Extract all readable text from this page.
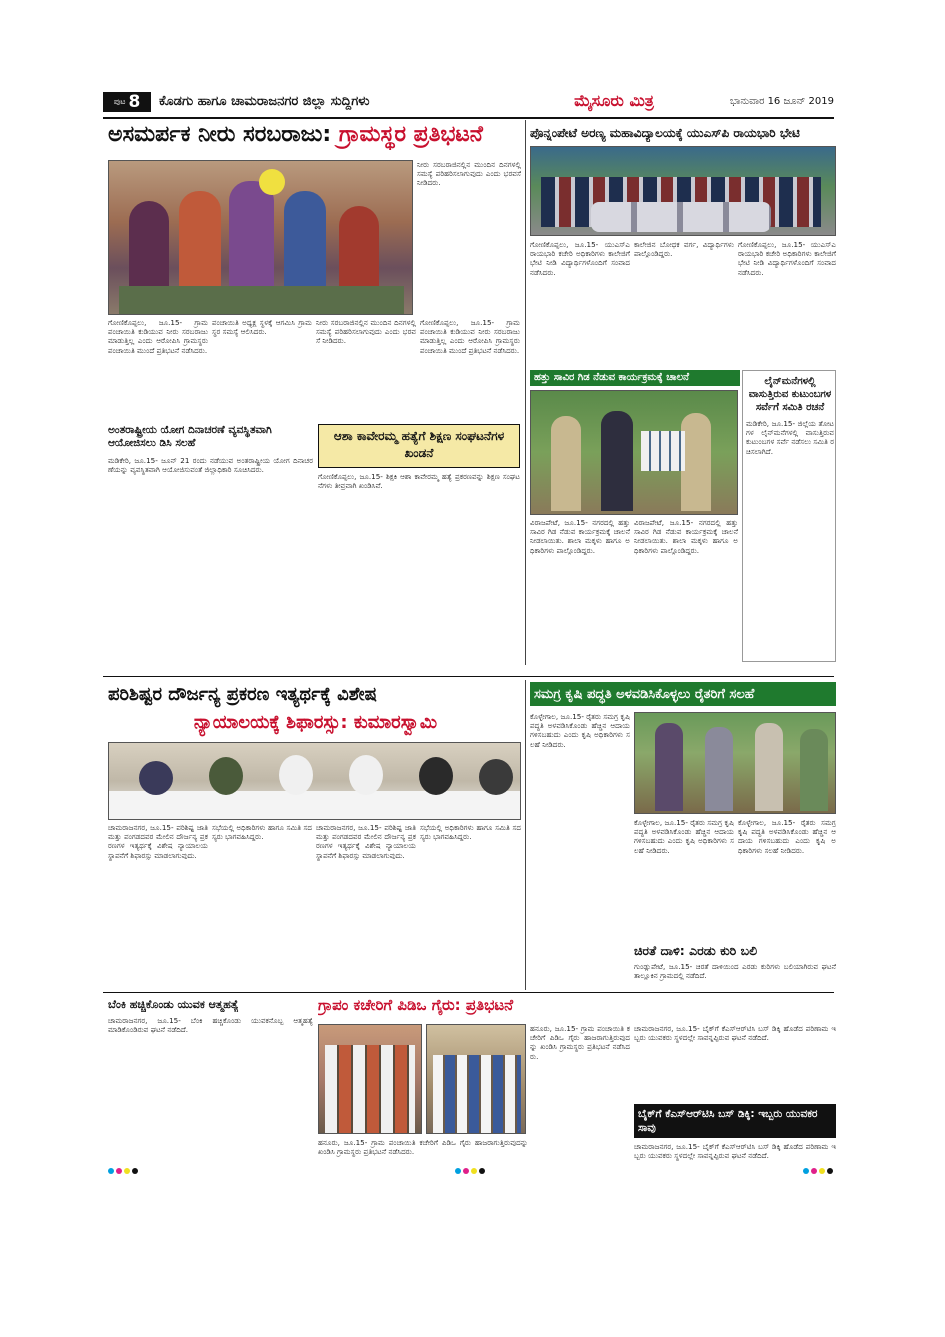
ಪುಟ 8 ಕೊಡಗು ಹಾಗೂ ಚಾಮರಾಜನಗರ ಜಿಲ್ಲಾ ಸುದ್ದಿಗಳು	ಮೈಸೂರು ಮಿತ್ರ	ಭಾನುವಾರ 16 ಜೂನ್ 2019
ಅಸಮರ್ಪಕ ನೀರು ಸರಬರಾಜು: ಗ್ರಾಮಸ್ಥರ ಪ್ರತಿಭಟನೆ
ನೀರು ಸರಬರಾಜಿನಲ್ಲಿನ ಮುಂದಿನ ದಿನಗಳಲ್ಲಿ ಸಮಸ್ಯೆ ಪರಿಹರಿಸಲಾಗುವುದು ಎಂದು ಭರವಸೆ ನೀಡಿದರು.
ಗೋಣಿಕೊಪ್ಪಲು, ಜೂ.15- ಗ್ರಾಮ ಪಂಚಾಯಿತಿ ಕುಡಿಯುವ ನೀರು ಸರಬರಾಜು ಮಾಡುತ್ತಿಲ್ಲ ಎಂದು ಆರೋಪಿಸಿ ಗ್ರಾಮಸ್ಥರು ಪಂಚಾಯಿತಿ ಮುಂದೆ ಪ್ರತಿಭಟನೆ ನಡೆಸಿದರು.
ಪಂಚಾಯಿತಿ ಅಧ್ಯಕ್ಷ ಸ್ಥಳಕ್ಕೆ ಆಗಮಿಸಿ ಗ್ರಾಮಸ್ಥರ ಸಮಸ್ಯೆ ಆಲಿಸಿದರು.
ನೀರು ಸರಬರಾಜಿನಲ್ಲಿನ ಮುಂದಿನ ದಿನಗಳಲ್ಲಿ ಸಮಸ್ಯೆ ಪರಿಹರಿಸಲಾಗುವುದು ಎಂದು ಭರವಸೆ ನೀಡಿದರು.
ಗೋಣಿಕೊಪ್ಪಲು, ಜೂ.15- ಗ್ರಾಮ ಪಂಚಾಯಿತಿ ಕುಡಿಯುವ ನೀರು ಸರಬರಾಜು ಮಾಡುತ್ತಿಲ್ಲ ಎಂದು ಆರೋಪಿಸಿ ಗ್ರಾಮಸ್ಥರು ಪಂಚಾಯಿತಿ ಮುಂದೆ ಪ್ರತಿಭಟನೆ ನಡೆಸಿದರು.
ಪೊನ್ನಂಪೇಟೆ ಅರಣ್ಯ ಮಹಾವಿದ್ಯಾಲಯಕ್ಕೆ ಯುಎಸ್‌ಪಿ ರಾಯಭಾರಿ ಭೇಟಿ
ಗೋಣಿಕೊಪ್ಪಲು, ಜೂ.15- ಯುಎಸ್‌ಎ ರಾಯಭಾರಿ ಕಚೇರಿ ಅಧಿಕಾರಿಗಳು ಕಾಲೇಜಿಗೆ ಭೇಟಿ ನೀಡಿ ವಿದ್ಯಾರ್ಥಿಗಳೊಂದಿಗೆ ಸಂವಾದ ನಡೆಸಿದರು.
ಕಾಲೇಜಿನ ಬೋಧಕ ವರ್ಗ, ವಿದ್ಯಾರ್ಥಿಗಳು ಪಾಲ್ಗೊಂಡಿದ್ದರು.
ಗೋಣಿಕೊಪ್ಪಲು, ಜೂ.15- ಯುಎಸ್‌ಎ ರಾಯಭಾರಿ ಕಚೇರಿ ಅಧಿಕಾರಿಗಳು ಕಾಲೇಜಿಗೆ ಭೇಟಿ ನೀಡಿ ವಿದ್ಯಾರ್ಥಿಗಳೊಂದಿಗೆ ಸಂವಾದ ನಡೆಸಿದರು.
ಹತ್ತು ಸಾವಿರ ಗಿಡ ನೆಡುವ ಕಾರ್ಯಕ್ರಮಕ್ಕೆ ಚಾಲನೆ
ವಿರಾಜಪೇಟೆ, ಜೂ.15- ನಗರದಲ್ಲಿ ಹತ್ತು ಸಾವಿರ ಗಿಡ ನೆಡುವ ಕಾರ್ಯಕ್ರಮಕ್ಕೆ ಚಾಲನೆ ನೀಡಲಾಯಿತು. ಶಾಲಾ ಮಕ್ಕಳು ಹಾಗೂ ಅಧಿಕಾರಿಗಳು ಪಾಲ್ಗೊಂಡಿದ್ದರು.
ವಿರಾಜಪೇಟೆ, ಜೂ.15- ನಗರದಲ್ಲಿ ಹತ್ತು ಸಾವಿರ ಗಿಡ ನೆಡುವ ಕಾರ್ಯಕ್ರಮಕ್ಕೆ ಚಾಲನೆ ನೀಡಲಾಯಿತು. ಶಾಲಾ ಮಕ್ಕಳು ಹಾಗೂ ಅಧಿಕಾರಿಗಳು ಪಾಲ್ಗೊಂಡಿದ್ದರು.
ಲೈನ್‌ಮನೆಗಳಲ್ಲಿ ವಾಸುತ್ತಿರುವ ಕುಟುಂಬಗಳ ಸರ್ವೆಗೆ ಸಮಿತಿ ರಚನೆ
ಮಡಿಕೇರಿ, ಜೂ.15- ಜಿಲ್ಲೆಯ ತೋಟಗಳ ಲೈನ್‌ಮನೆಗಳಲ್ಲಿ ವಾಸುತ್ತಿರುವ ಕುಟುಂಬಗಳ ಸರ್ವೆ ನಡೆಸಲು ಸಮಿತಿ ರಚಿಸಲಾಗಿದೆ.
ಅಂತರಾಷ್ಟ್ರೀಯ ಯೋಗ ದಿನಾಚರಣೆ ವ್ಯವಸ್ಥಿತವಾಗಿ ಆಯೋಜಿಸಲು ಡಿಸಿ ಸಲಹೆ
ಮಡಿಕೇರಿ, ಜೂ.15- ಜೂನ್ 21 ರಂದು ನಡೆಯುವ ಅಂತರಾಷ್ಟ್ರೀಯ ಯೋಗ ದಿನಾಚರಣೆಯನ್ನು ವ್ಯವಸ್ಥಿತವಾಗಿ ಆಯೋಜಿಸುವಂತೆ ಜಿಲ್ಲಾಧಿಕಾರಿ ಸೂಚಿಸಿದರು.
ಆಶಾ ಕಾವೇರಮ್ಮ ಹತ್ಯೆಗೆ ಶಿಕ್ಷಣ ಸಂಘಟನೆಗಳ ಖಂಡನೆ
ಗೋಣಿಕೊಪ್ಪಲು, ಜೂ.15- ಶಿಕ್ಷಕಿ ಆಶಾ ಕಾವೇರಮ್ಮ ಹತ್ಯೆ ಪ್ರಕರಣವನ್ನು ಶಿಕ್ಷಣ ಸಂಘಟನೆಗಳು ತೀವ್ರವಾಗಿ ಖಂಡಿಸಿವೆ.
ಪರಿಶಿಷ್ಟರ ದೌರ್ಜನ್ಯ ಪ್ರಕರಣ ಇತ್ಯರ್ಥಕ್ಕೆ ವಿಶೇಷ
ನ್ಯಾಯಾಲಯಕ್ಕೆ ಶಿಫಾರಸ್ಸು: ಕುಮಾರಸ್ವಾಮಿ
ಚಾಮರಾಜನಗರ, ಜೂ.15- ಪರಿಶಿಷ್ಟ ಜಾತಿ ಮತ್ತು ಪಂಗಡದವರ ಮೇಲಿನ ದೌರ್ಜನ್ಯ ಪ್ರಕರಣಗಳ ಇತ್ಯರ್ಥಕ್ಕೆ ವಿಶೇಷ ನ್ಯಾಯಾಲಯ ಸ್ಥಾಪನೆಗೆ ಶಿಫಾರಸ್ಸು ಮಾಡಲಾಗುವುದು.
ಸಭೆಯಲ್ಲಿ ಅಧಿಕಾರಿಗಳು ಹಾಗೂ ಸಮಿತಿ ಸದಸ್ಯರು ಭಾಗವಹಿಸಿದ್ದರು.
ಚಾಮರಾಜನಗರ, ಜೂ.15- ಪರಿಶಿಷ್ಟ ಜಾತಿ ಮತ್ತು ಪಂಗಡದವರ ಮೇಲಿನ ದೌರ್ಜನ್ಯ ಪ್ರಕರಣಗಳ ಇತ್ಯರ್ಥಕ್ಕೆ ವಿಶೇಷ ನ್ಯಾಯಾಲಯ ಸ್ಥಾಪನೆಗೆ ಶಿಫಾರಸ್ಸು ಮಾಡಲಾಗುವುದು.
ಸಭೆಯಲ್ಲಿ ಅಧಿಕಾರಿಗಳು ಹಾಗೂ ಸಮಿತಿ ಸದಸ್ಯರು ಭಾಗವಹಿಸಿದ್ದರು.
ಸಮಗ್ರ ಕೃಷಿ ಪದ್ಧತಿ ಅಳವಡಿಸಿಕೊಳ್ಳಲು ರೈತರಿಗೆ ಸಲಹೆ
ಕೊಳ್ಳೇಗಾಲ, ಜೂ.15- ರೈತರು ಸಮಗ್ರ ಕೃಷಿ ಪದ್ಧತಿ ಅಳವಡಿಸಿಕೊಂಡು ಹೆಚ್ಚಿನ ಆದಾಯ ಗಳಿಸಬಹುದು ಎಂದು ಕೃಷಿ ಅಧಿಕಾರಿಗಳು ಸಲಹೆ ನೀಡಿದರು.
ಕೊಳ್ಳೇಗಾಲ, ಜೂ.15- ರೈತರು ಸಮಗ್ರ ಕೃಷಿ ಪದ್ಧತಿ ಅಳವಡಿಸಿಕೊಂಡು ಹೆಚ್ಚಿನ ಆದಾಯ ಗಳಿಸಬಹುದು ಎಂದು ಕೃಷಿ ಅಧಿಕಾರಿಗಳು ಸಲಹೆ ನೀಡಿದರು.
ಕೊಳ್ಳೇಗಾಲ, ಜೂ.15- ರೈತರು ಸಮಗ್ರ ಕೃಷಿ ಪದ್ಧತಿ ಅಳವಡಿಸಿಕೊಂಡು ಹೆಚ್ಚಿನ ಆದಾಯ ಗಳಿಸಬಹುದು ಎಂದು ಕೃಷಿ ಅಧಿಕಾರಿಗಳು ಸಲಹೆ ನೀಡಿದರು.
ಚಿರತೆ ದಾಳಿ: ಎರಡು ಕುರಿ ಬಲಿ
ಗುಂಡ್ಲುಪೇಟೆ, ಜೂ.15- ಚಿರತೆ ದಾಳಿಯಿಂದ ಎರಡು ಕುರಿಗಳು ಬಲಿಯಾಗಿರುವ ಘಟನೆ ತಾಲ್ಲೂಕಿನ ಗ್ರಾಮದಲ್ಲಿ ನಡೆದಿದೆ.
ಬೆಂಕಿ ಹಚ್ಚಿಕೊಂಡು ಯುವಕ ಆತ್ಮಹತ್ಯೆ
ಚಾಮರಾಜನಗರ, ಜೂ.15- ಬೆಂಕಿ ಹಚ್ಚಿಕೊಂಡು ಯುವಕನೊಬ್ಬ ಆತ್ಮಹತ್ಯೆ ಮಾಡಿಕೊಂಡಿರುವ ಘಟನೆ ನಡೆದಿದೆ.
ಗ್ರಾಪಂ ಕಚೇರಿಗೆ ಪಿಡಿಒ ಗೈರು: ಪ್ರತಿಭಟನೆ
ಹನೂರು, ಜೂ.15- ಗ್ರಾಮ ಪಂಚಾಯಿತಿ ಕಚೇರಿಗೆ ಪಿಡಿಒ ಗೈರು ಹಾಜರಾಗುತ್ತಿರುವುದನ್ನು ಖಂಡಿಸಿ ಗ್ರಾಮಸ್ಥರು ಪ್ರತಿಭಟನೆ ನಡೆಸಿದರು.
ಹನೂರು, ಜೂ.15- ಗ್ರಾಮ ಪಂಚಾಯಿತಿ ಕಚೇರಿಗೆ ಪಿಡಿಒ ಗೈರು ಹಾಜರಾಗುತ್ತಿರುವುದನ್ನು ಖಂಡಿಸಿ ಗ್ರಾಮಸ್ಥರು ಪ್ರತಿಭಟನೆ ನಡೆಸಿದರು.
ಬೈಕ್‌ಗೆ ಕೆಎಸ್‌ಆರ್‌ಟಿಸಿ ಬಸ್ ಡಿಕ್ಕಿ: ಇಬ್ಬರು ಯುವಕರ ಸಾವು
ಚಾಮರಾಜನಗರ, ಜೂ.15- ಬೈಕ್‌ಗೆ ಕೆಎಸ್‌ಆರ್‌ಟಿಸಿ ಬಸ್ ಡಿಕ್ಕಿ ಹೊಡೆದ ಪರಿಣಾಮ ಇಬ್ಬರು ಯುವಕರು ಸ್ಥಳದಲ್ಲೇ ಸಾವನ್ನಪ್ಪಿರುವ ಘಟನೆ ನಡೆದಿದೆ.
ಚಾಮರಾಜನಗರ, ಜೂ.15- ಬೈಕ್‌ಗೆ ಕೆಎಸ್‌ಆರ್‌ಟಿಸಿ ಬಸ್ ಡಿಕ್ಕಿ ಹೊಡೆದ ಪರಿಣಾಮ ಇಬ್ಬರು ಯುವಕರು ಸ್ಥಳದಲ್ಲೇ ಸಾವನ್ನಪ್ಪಿರುವ ಘಟನೆ ನಡೆದಿದೆ.
